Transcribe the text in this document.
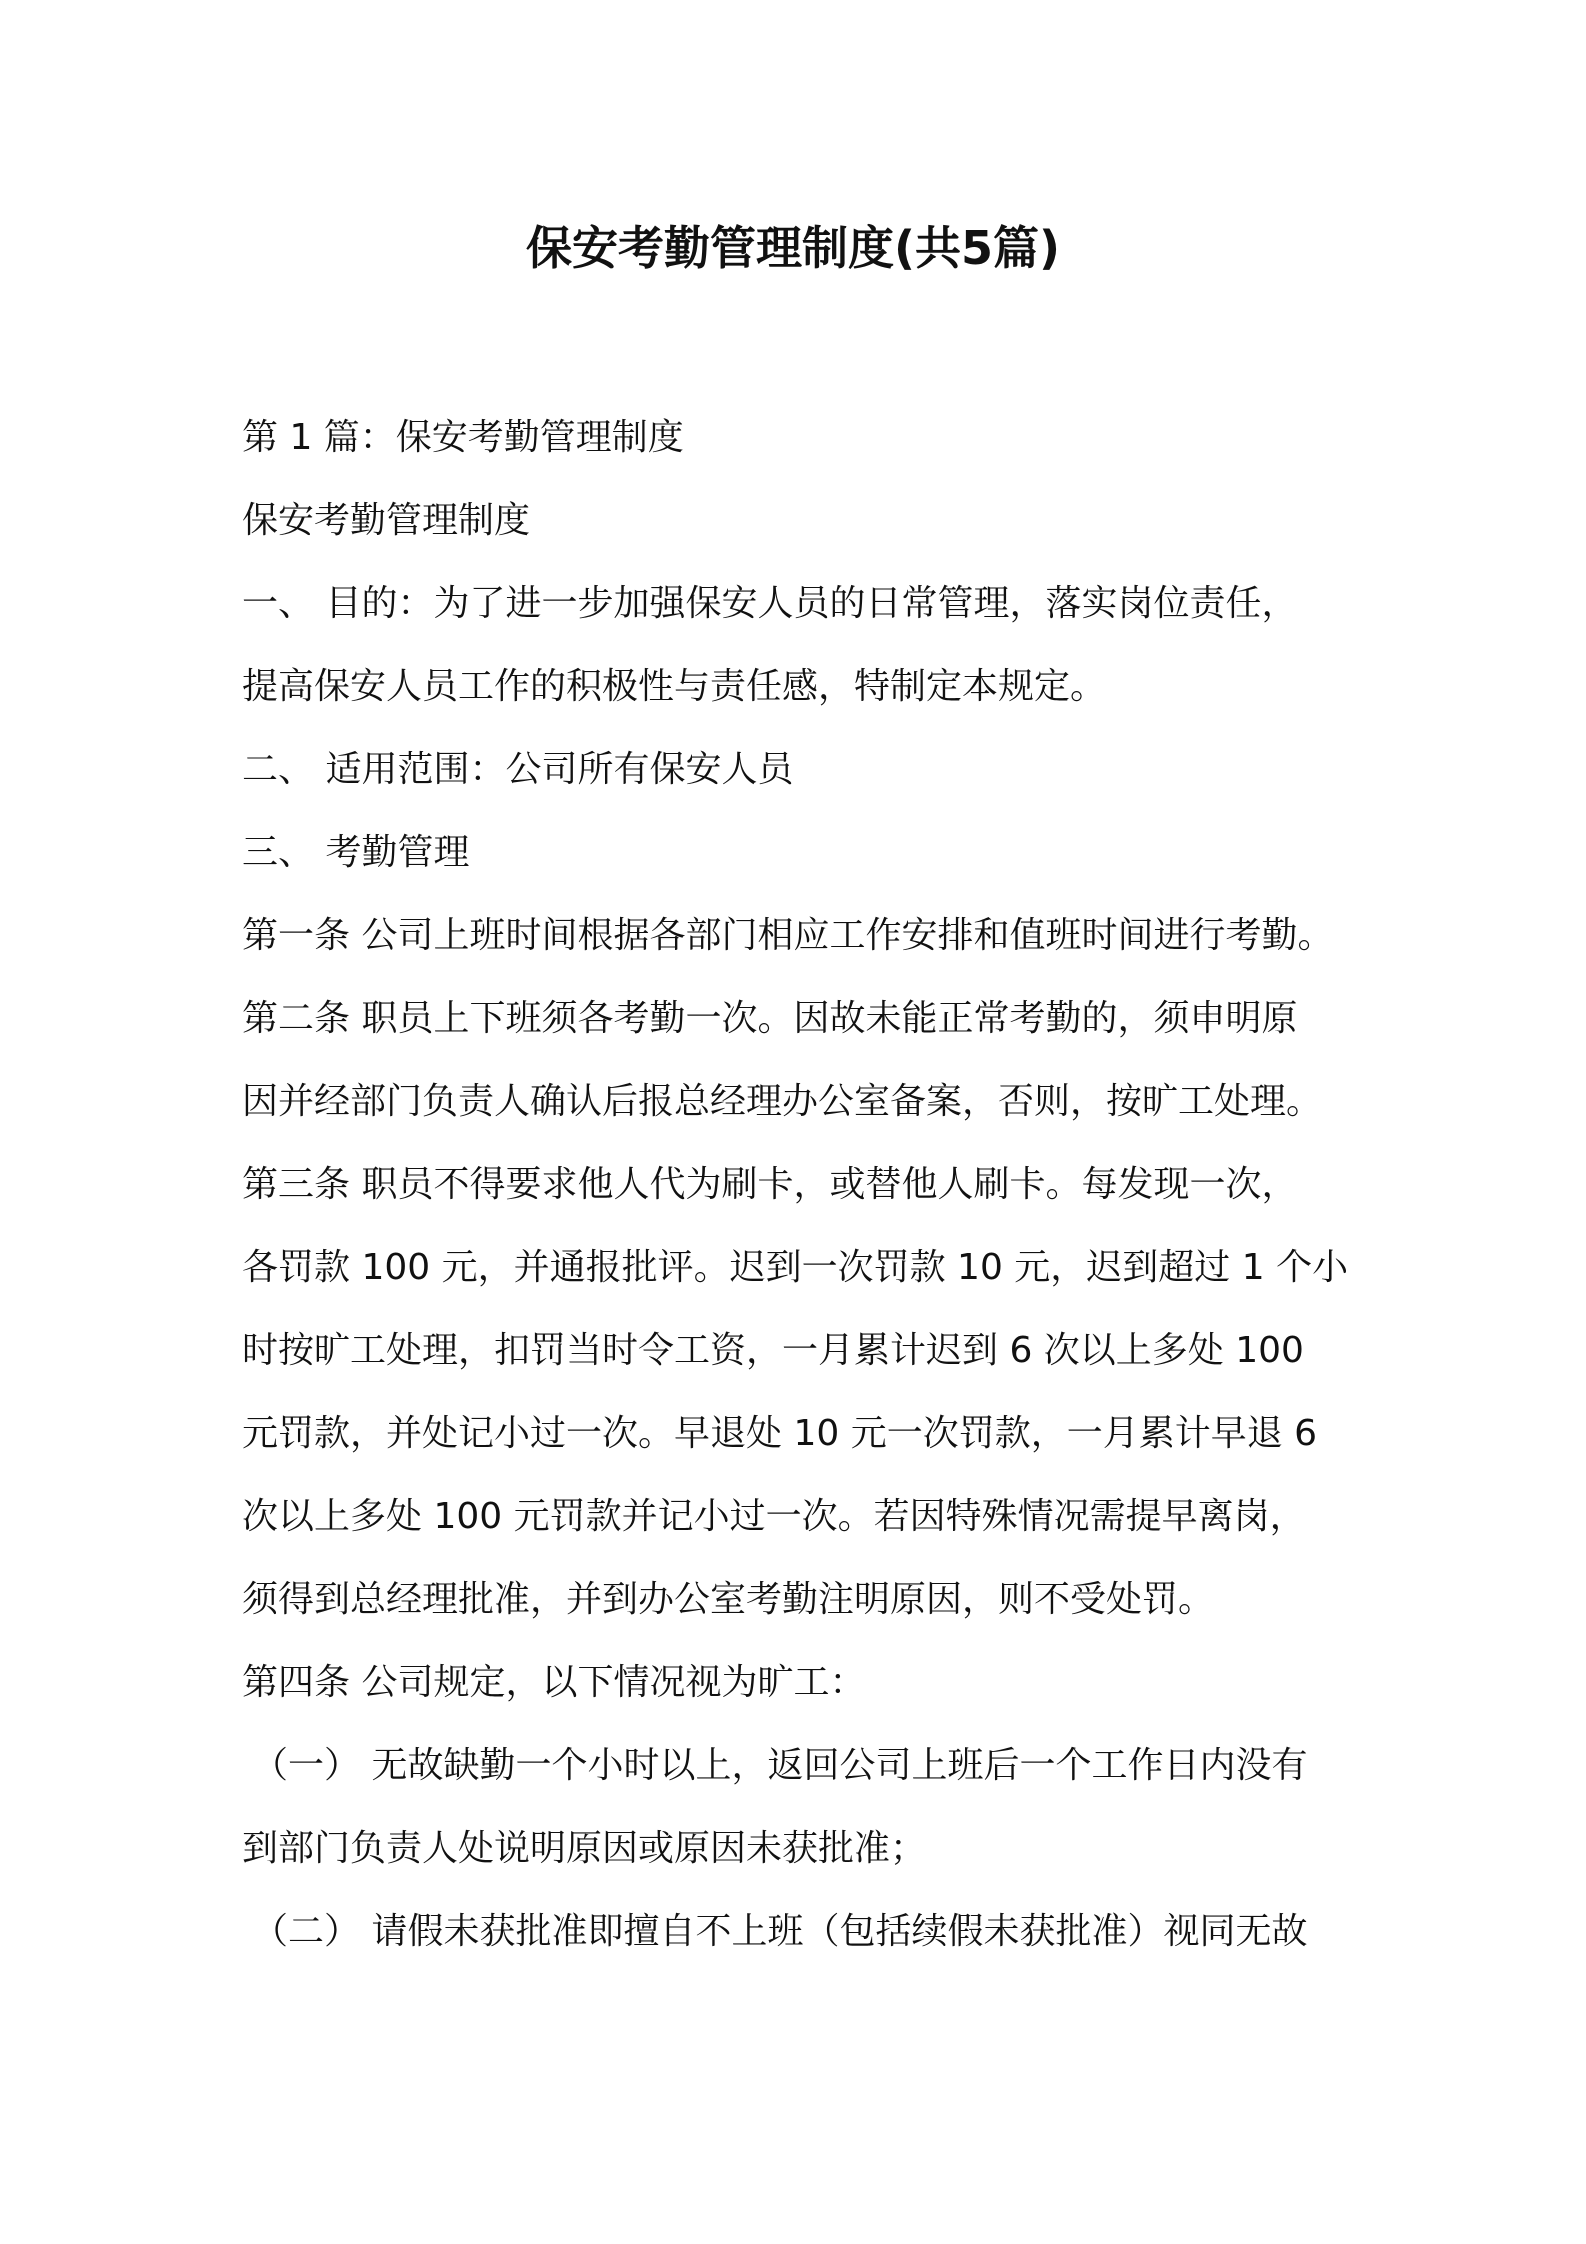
保安考勤管理制度(共5篇)
第 1 篇：保安考勤管理制度
保安考勤管理制度
一、 目的：为了进一步加强保安人员的日常管理，落实岗位责任，
提高保安人员工作的积极性与责任感，特制定本规定。
二、 适用范围：公司所有保安人员
三、 考勤管理
第一条 公司上班时间根据各部门相应工作安排和值班时间进行考勤。
第二条 职员上下班须各考勤一次。因故未能正常考勤的，须申明原
因并经部门负责人确认后报总经理办公室备案，否则，按旷工处理。
第三条 职员不得要求他人代为刷卡，或替他人刷卡。每发现一次，
各罚款 100 元，并通报批评。迟到一次罚款 10 元，迟到超过 1 个小
时按旷工处理，扣罚当时令工资，一月累计迟到 6 次以上多处 100
元罚款，并处记小过一次。早退处 10 元一次罚款，一月累计早退 6
次以上多处 100 元罚款并记小过一次。若因特殊情况需提早离岗，
须得到总经理批准，并到办公室考勤注明原因，则不受处罚。
第四条 公司规定，以下情况视为旷工：
（一） 无故缺勤一个小时以上，返回公司上班后一个工作日内没有
到部门负责人处说明原因或原因未获批准；
（二） 请假未获批准即擅自不上班（包括续假未获批准）视同无故
